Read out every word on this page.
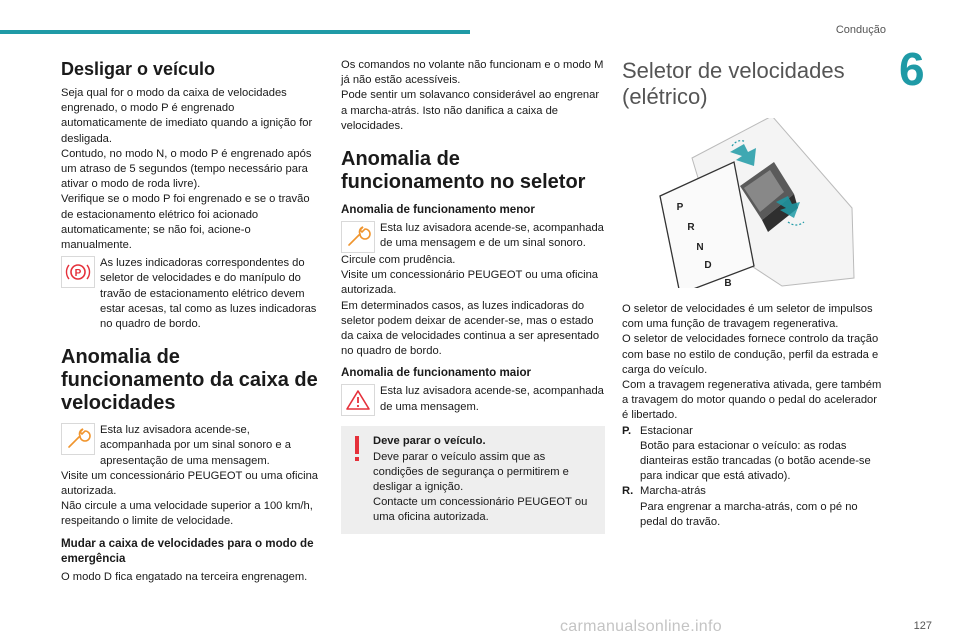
Condução
6
Desligar o veículo

Seja qual for o modo da caixa de velocidades engrenado, o modo P é engrenado automaticamente de imediato quando a ignição for desligada.

Contudo, no modo N, o modo P é engrenado após um atraso de 5 segundos (tempo necessário para ativar o modo de roda livre).

Verifique se o modo P foi engrenado e se o travão de estacionamento elétrico foi acionado automaticamente; se não foi, acione-o manualmente.

P
As luzes indicadoras correspondentes do seletor de velocidades e do manípulo do travão de estacionamento elétrico devem estar acesas, tal como as luzes indicadoras no quadro de bordo.
Anomalia de funcionamento da caixa de velocidades
Esta luz avisadora acende-se, acompanhada por um sinal sonoro e a apresentação de uma mensagem.

Visite um concessionário PEUGEOT ou uma oficina autorizada.

Não circule a uma velocidade superior a 100 km/h, respeitando o limite de velocidade.

Mudar a caixa de velocidades para o modo de emergência

O modo D fica engatado na terceira engrenagem.

Os comandos no volante não funcionam e o modo M já não estão acessíveis.

Pode sentir um solavanco considerável ao engrenar a marcha-atrás. Isto não danifica a caixa de velocidades.

Anomalia de funcionamento no seletor
Anomalia de funcionamento menor
Esta luz avisadora acende-se, acompanhada de uma mensagem e de um sinal sonoro.

Circule com prudência.

Visite um concessionário PEUGEOT ou uma oficina autorizada.

Em determinados casos, as luzes indicadoras do seletor podem deixar de acender-se, mas o estado da caixa de velocidades continua a ser apresentado no quadro de bordo.

Anomalia de funcionamento maior
Esta luz avisadora acende-se, acompanhada de uma mensagem.

Deve parar o veículo.

Deve parar o veículo assim que as condições de segurança o permitirem e desligar a ignição.

Contacte um concessionário PEUGEOT ou uma oficina autorizada.

Seletor de velocidades (elétrico)
P
R
N
D
B

O seletor de velocidades é um seletor de impulsos com uma função de travagem regenerativa.

O seletor de velocidades fornece controlo da tração com base no estilo de condução, perfil da estrada e carga do veículo.

Com a travagem regenerativa ativada, gere também a travagem do motor quando o pedal do acelerador é libertado.

P. Estacionar
Botão para estacionar o veículo: as rodas dianteiras estão trancadas (o botão acende-se para indicar que está ativado).
R. Marcha-atrás
Para engrenar a marcha-atrás, com o pé no pedal do travão.
127
carmanualsonline.info
